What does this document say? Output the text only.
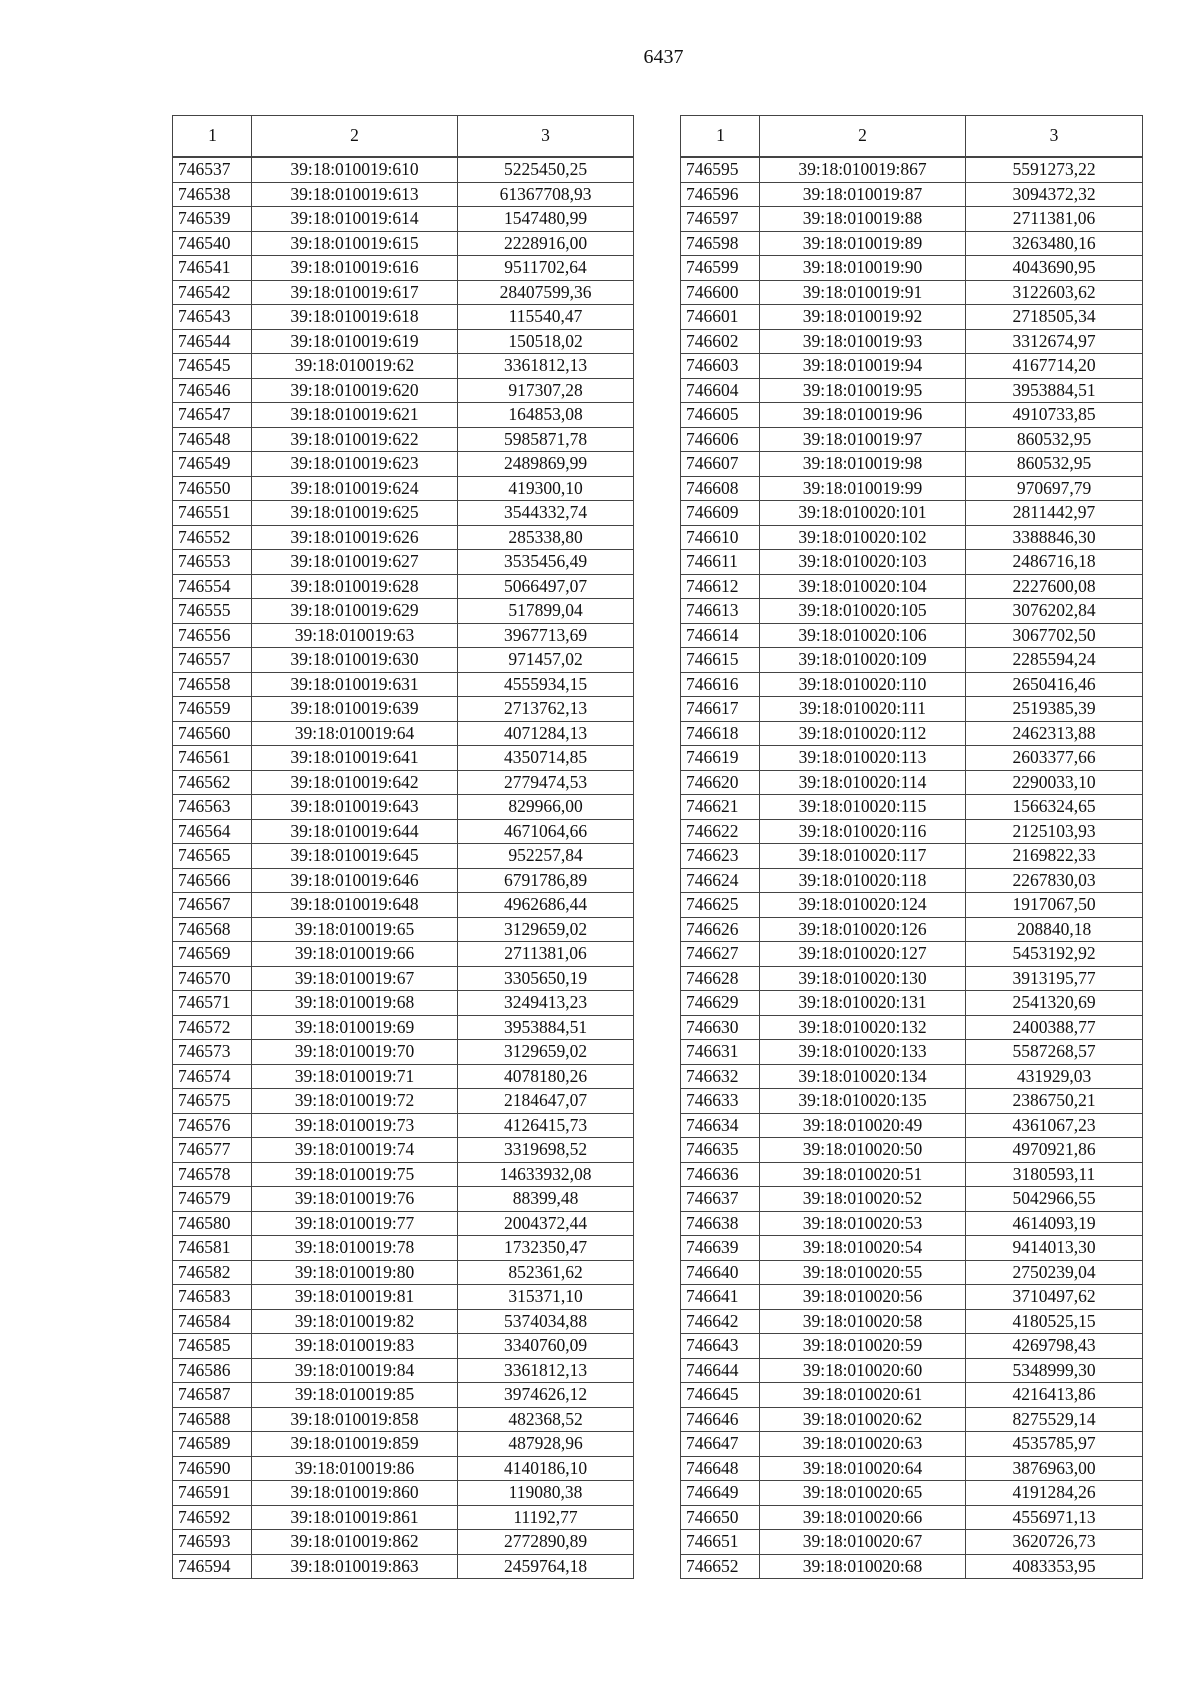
6437
1	2	3
746537	39:18:010019:610	5225450,25
746538	39:18:010019:613	61367708,93
746539	39:18:010019:614	1547480,99
746540	39:18:010019:615	2228916,00
746541	39:18:010019:616	9511702,64
746542	39:18:010019:617	28407599,36
746543	39:18:010019:618	115540,47
746544	39:18:010019:619	150518,02
746545	39:18:010019:62	3361812,13
746546	39:18:010019:620	917307,28
746547	39:18:010019:621	164853,08
746548	39:18:010019:622	5985871,78
746549	39:18:010019:623	2489869,99
746550	39:18:010019:624	419300,10
746551	39:18:010019:625	3544332,74
746552	39:18:010019:626	285338,80
746553	39:18:010019:627	3535456,49
746554	39:18:010019:628	5066497,07
746555	39:18:010019:629	517899,04
746556	39:18:010019:63	3967713,69
746557	39:18:010019:630	971457,02
746558	39:18:010019:631	4555934,15
746559	39:18:010019:639	2713762,13
746560	39:18:010019:64	4071284,13
746561	39:18:010019:641	4350714,85
746562	39:18:010019:642	2779474,53
746563	39:18:010019:643	829966,00
746564	39:18:010019:644	4671064,66
746565	39:18:010019:645	952257,84
746566	39:18:010019:646	6791786,89
746567	39:18:010019:648	4962686,44
746568	39:18:010019:65	3129659,02
746569	39:18:010019:66	2711381,06
746570	39:18:010019:67	3305650,19
746571	39:18:010019:68	3249413,23
746572	39:18:010019:69	3953884,51
746573	39:18:010019:70	3129659,02
746574	39:18:010019:71	4078180,26
746575	39:18:010019:72	2184647,07
746576	39:18:010019:73	4126415,73
746577	39:18:010019:74	3319698,52
746578	39:18:010019:75	14633932,08
746579	39:18:010019:76	88399,48
746580	39:18:010019:77	2004372,44
746581	39:18:010019:78	1732350,47
746582	39:18:010019:80	852361,62
746583	39:18:010019:81	315371,10
746584	39:18:010019:82	5374034,88
746585	39:18:010019:83	3340760,09
746586	39:18:010019:84	3361812,13
746587	39:18:010019:85	3974626,12
746588	39:18:010019:858	482368,52
746589	39:18:010019:859	487928,96
746590	39:18:010019:86	4140186,10
746591	39:18:010019:860	119080,38
746592	39:18:010019:861	11192,77
746593	39:18:010019:862	2772890,89
746594	39:18:010019:863	2459764,18
1	2	3
746595	39:18:010019:867	5591273,22
746596	39:18:010019:87	3094372,32
746597	39:18:010019:88	2711381,06
746598	39:18:010019:89	3263480,16
746599	39:18:010019:90	4043690,95
746600	39:18:010019:91	3122603,62
746601	39:18:010019:92	2718505,34
746602	39:18:010019:93	3312674,97
746603	39:18:010019:94	4167714,20
746604	39:18:010019:95	3953884,51
746605	39:18:010019:96	4910733,85
746606	39:18:010019:97	860532,95
746607	39:18:010019:98	860532,95
746608	39:18:010019:99	970697,79
746609	39:18:010020:101	2811442,97
746610	39:18:010020:102	3388846,30
746611	39:18:010020:103	2486716,18
746612	39:18:010020:104	2227600,08
746613	39:18:010020:105	3076202,84
746614	39:18:010020:106	3067702,50
746615	39:18:010020:109	2285594,24
746616	39:18:010020:110	2650416,46
746617	39:18:010020:111	2519385,39
746618	39:18:010020:112	2462313,88
746619	39:18:010020:113	2603377,66
746620	39:18:010020:114	2290033,10
746621	39:18:010020:115	1566324,65
746622	39:18:010020:116	2125103,93
746623	39:18:010020:117	2169822,33
746624	39:18:010020:118	2267830,03
746625	39:18:010020:124	1917067,50
746626	39:18:010020:126	208840,18
746627	39:18:010020:127	5453192,92
746628	39:18:010020:130	3913195,77
746629	39:18:010020:131	2541320,69
746630	39:18:010020:132	2400388,77
746631	39:18:010020:133	5587268,57
746632	39:18:010020:134	431929,03
746633	39:18:010020:135	2386750,21
746634	39:18:010020:49	4361067,23
746635	39:18:010020:50	4970921,86
746636	39:18:010020:51	3180593,11
746637	39:18:010020:52	5042966,55
746638	39:18:010020:53	4614093,19
746639	39:18:010020:54	9414013,30
746640	39:18:010020:55	2750239,04
746641	39:18:010020:56	3710497,62
746642	39:18:010020:58	4180525,15
746643	39:18:010020:59	4269798,43
746644	39:18:010020:60	5348999,30
746645	39:18:010020:61	4216413,86
746646	39:18:010020:62	8275529,14
746647	39:18:010020:63	4535785,97
746648	39:18:010020:64	3876963,00
746649	39:18:010020:65	4191284,26
746650	39:18:010020:66	4556971,13
746651	39:18:010020:67	3620726,73
746652	39:18:010020:68	4083353,95
